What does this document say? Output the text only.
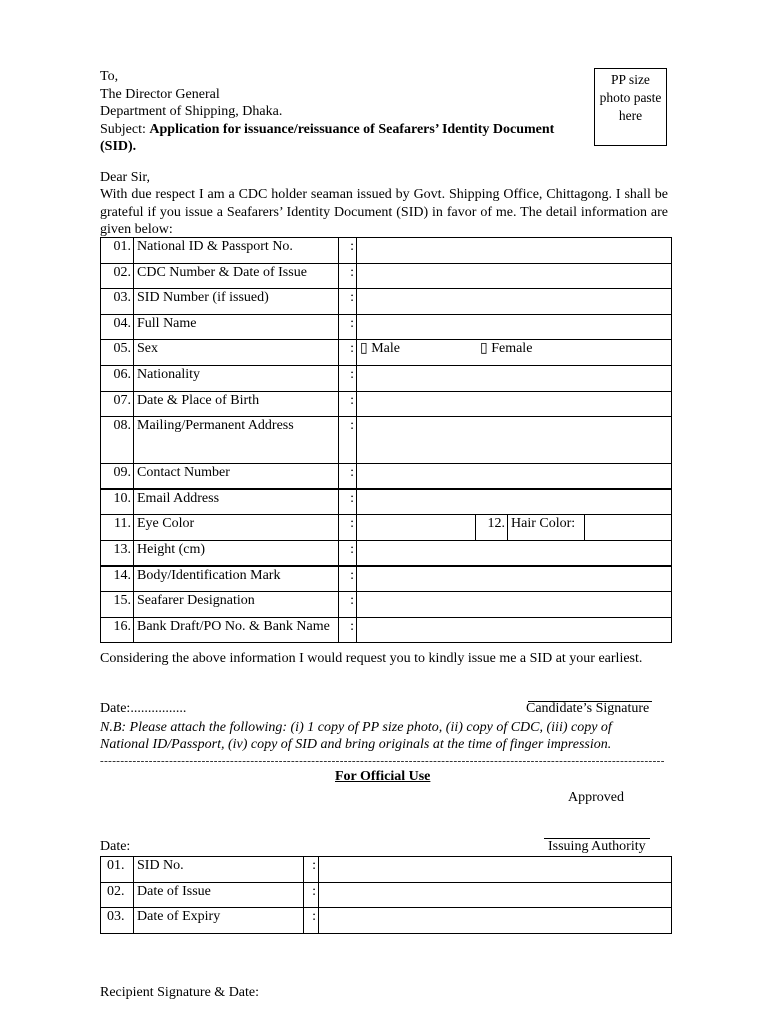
PP size
photo paste
here
To,
The Director General
Department of Shipping, Dhaka.
Subject: Application for issuance/reissuance of Seafarers’ Identity Document (SID).
Dear Sir,
With due respect I am a CDC holder seaman issued by Govt. Shipping Office, Chittagong. I shall be grateful if you issue a Seafarers’ Identity Document (SID) in favor of me. The detail information are given below:
01.	National ID & Passport No.	:				
02.	CDC Number & Date of Issue	:				
03.	SID Number (if issued)	:				
04.	Full Name	:				
05.	Sex	:	▯ Male ▯ Female			
06.	Nationality	:				
07.	Date & Place of Birth	:				
08.	Mailing/Permanent Address	:				
09.	Contact Number	:				
10.	Email Address	:				
11.	Eye Color	:		12.	Hair Color:	
13.	Height (cm)	:				
14.	Body/Identification Mark	:				
15.	Seafarer Designation	:				
16.	Bank Draft/PO No. & Bank Name	:				
Considering the above information I would request you to kindly issue me a SID at your earliest.
Date:................	Candidate’s Signature
N.B: Please attach the following: (i) 1 copy of PP size photo, (ii) copy of CDC, (iii) copy of
National ID/Passport, (iv) copy of SID and bring originals at the time of finger impression.
-------------------------------------------------------------------------------------------------------------------------------------------
For Official Use
Approved
Date:	Issuing Authority
01.	SID No.	:	
02.	Date of Issue	:	
03.	Date of Expiry	:	
Recipient Signature & Date:
